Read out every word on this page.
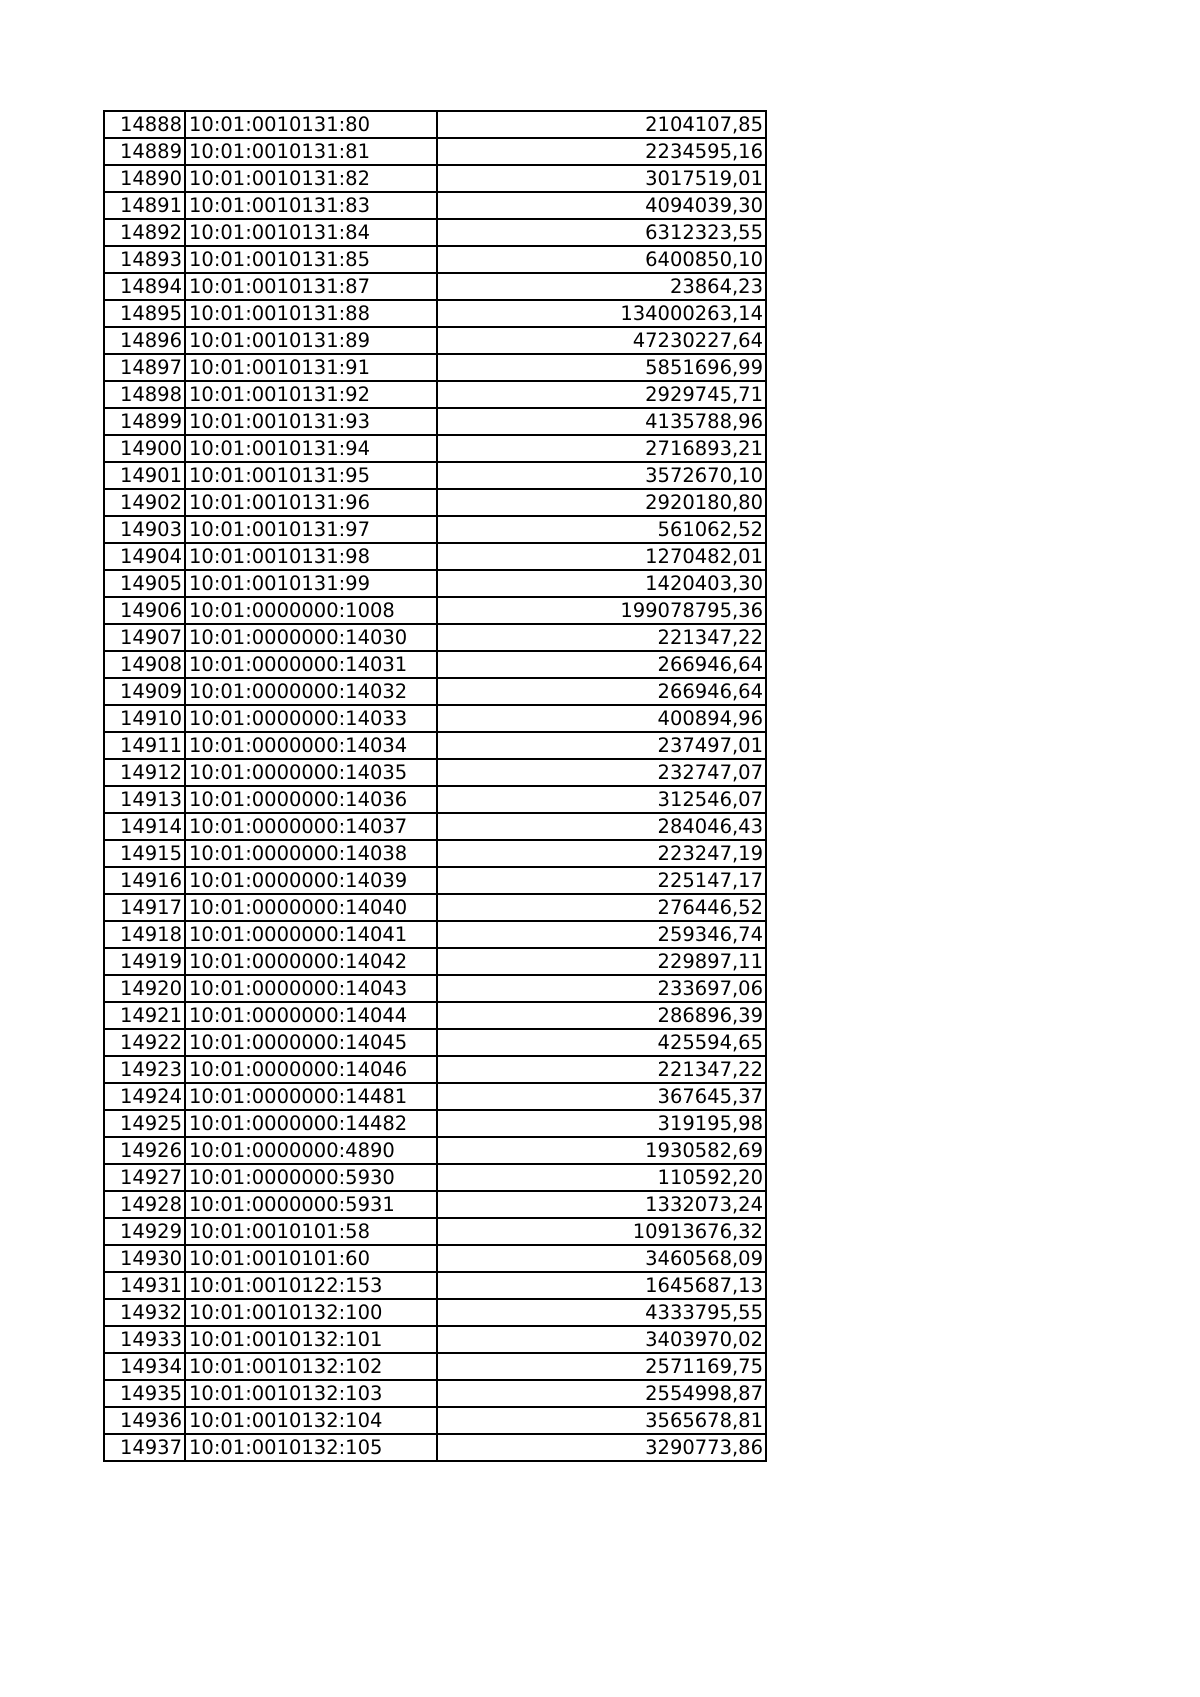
14888	10:01:0010131:80	2104107,85
14889	10:01:0010131:81	2234595,16
14890	10:01:0010131:82	3017519,01
14891	10:01:0010131:83	4094039,30
14892	10:01:0010131:84	6312323,55
14893	10:01:0010131:85	6400850,10
14894	10:01:0010131:87	23864,23
14895	10:01:0010131:88	134000263,14
14896	10:01:0010131:89	47230227,64
14897	10:01:0010131:91	5851696,99
14898	10:01:0010131:92	2929745,71
14899	10:01:0010131:93	4135788,96
14900	10:01:0010131:94	2716893,21
14901	10:01:0010131:95	3572670,10
14902	10:01:0010131:96	2920180,80
14903	10:01:0010131:97	561062,52
14904	10:01:0010131:98	1270482,01
14905	10:01:0010131:99	1420403,30
14906	10:01:0000000:1008	199078795,36
14907	10:01:0000000:14030	221347,22
14908	10:01:0000000:14031	266946,64
14909	10:01:0000000:14032	266946,64
14910	10:01:0000000:14033	400894,96
14911	10:01:0000000:14034	237497,01
14912	10:01:0000000:14035	232747,07
14913	10:01:0000000:14036	312546,07
14914	10:01:0000000:14037	284046,43
14915	10:01:0000000:14038	223247,19
14916	10:01:0000000:14039	225147,17
14917	10:01:0000000:14040	276446,52
14918	10:01:0000000:14041	259346,74
14919	10:01:0000000:14042	229897,11
14920	10:01:0000000:14043	233697,06
14921	10:01:0000000:14044	286896,39
14922	10:01:0000000:14045	425594,65
14923	10:01:0000000:14046	221347,22
14924	10:01:0000000:14481	367645,37
14925	10:01:0000000:14482	319195,98
14926	10:01:0000000:4890	1930582,69
14927	10:01:0000000:5930	110592,20
14928	10:01:0000000:5931	1332073,24
14929	10:01:0010101:58	10913676,32
14930	10:01:0010101:60	3460568,09
14931	10:01:0010122:153	1645687,13
14932	10:01:0010132:100	4333795,55
14933	10:01:0010132:101	3403970,02
14934	10:01:0010132:102	2571169,75
14935	10:01:0010132:103	2554998,87
14936	10:01:0010132:104	3565678,81
14937	10:01:0010132:105	3290773,86
